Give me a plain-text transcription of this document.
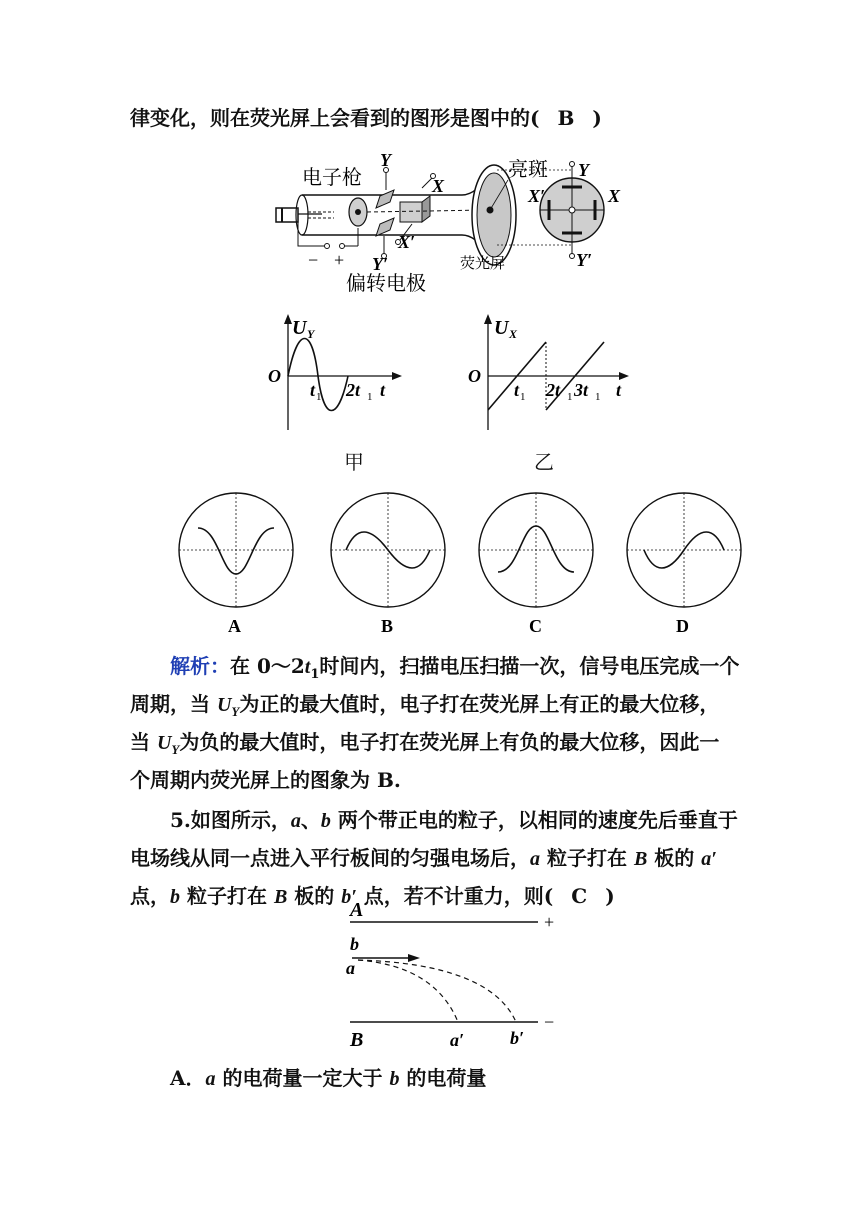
律变化，则在荧光屏上会看到的图形是图中的( B )
电子枪
偏转电极
荧光屏
亮斑
Y
Y′
X
X′
Y
Y′
X
X′
− +
U Y
O
t 1 2t 1 t
甲
U X
O
t 1 2t 1 3t 1 t
乙
A	B	C	D
解析：在 $0\sim 2t_1$时间内，扫描电压扫描一次，信号电压完成一个
周期，当 $U_Y$为正的最大值时，电子打在荧光屏上有正的最大位移，
当 $U_Y$为负的最大值时，电子打在荧光屏上有负的最大位移，因此一
个周期内荧光屏上的图象为 B.
5.如图所示，a、b 两个带正电的粒子，以相同的速度先后垂直于
电场线从同一点进入平行板间的匀强电场后，a 粒子打在 B 板的 a′
点，b 粒子打在 B 板的 b′ 点，若不计重力，则( C )
A
B
+
−
b
a
a′	b′
A．a 的电荷量一定大于 b 的电荷量
